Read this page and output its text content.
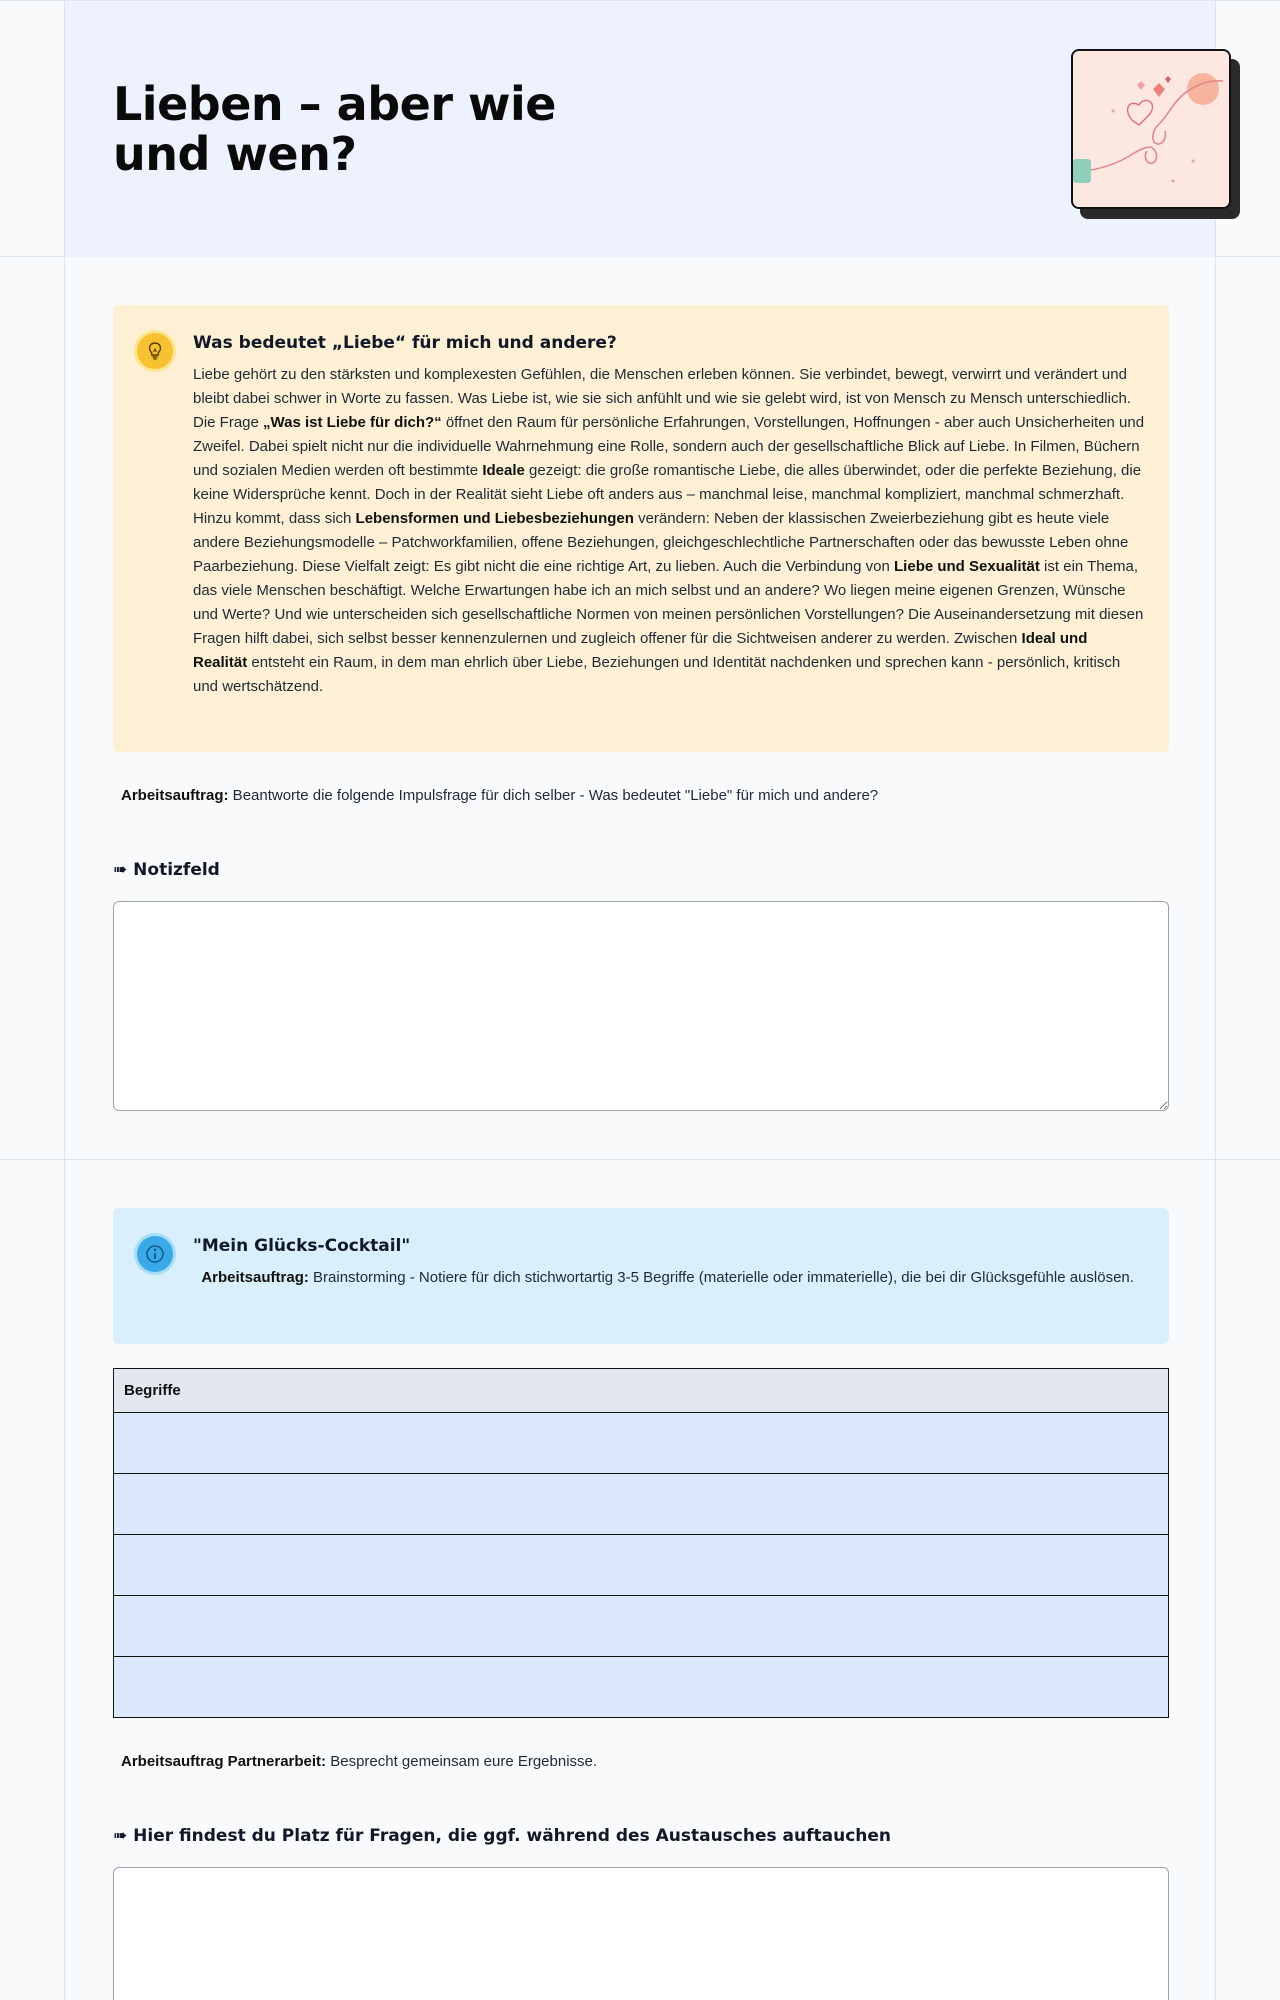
Lieben – aber wie und wen?
Was bedeutet „Liebe“ für mich und andere?
Liebe gehört zu den stärksten und komplexesten Gefühlen, die Menschen erleben können. Sie verbindet, bewegt, verwirrt und verändert und bleibt dabei schwer in Worte zu fassen. Was Liebe ist, wie sie sich anfühlt und wie sie gelebt wird, ist von Mensch zu Mensch unterschiedlich. Die Frage „Was ist Liebe für dich?“ öffnet den Raum für persönliche Erfahrungen, Vorstellungen, Hoffnungen - aber auch Unsicherheiten und Zweifel. Dabei spielt nicht nur die individuelle Wahrnehmung eine Rolle, sondern auch der gesellschaftliche Blick auf Liebe. In Filmen, Büchern und sozialen Medien werden oft bestimmte Ideale gezeigt: die große romantische Liebe, die alles überwindet, oder die perfekte Beziehung, die keine Widersprüche kennt. Doch in der Realität sieht Liebe oft anders aus – manchmal leise, manchmal kompliziert, manchmal schmerzhaft. Hinzu kommt, dass sich Lebensformen und Liebesbeziehungen verändern: Neben der klassischen Zweierbeziehung gibt es heute viele andere Beziehungsmodelle – Patchworkfamilien, offene Beziehungen, gleichgeschlechtliche Partnerschaften oder das bewusste Leben ohne Paarbeziehung. Diese Vielfalt zeigt: Es gibt nicht die eine richtige Art, zu lieben. Auch die Verbindung von Liebe und Sexualität ist ein Thema, das viele Menschen beschäftigt. Welche Erwartungen habe ich an mich selbst und an andere? Wo liegen meine eigenen Grenzen, Wünsche und Werte? Und wie unterscheiden sich gesellschaftliche Normen von meinen persönlichen Vorstellungen? Die Auseinandersetzung mit diesen Fragen hilft dabei, sich selbst besser kennenzulernen und zugleich offener für die Sichtweisen anderer zu werden. Zwischen Ideal und Realität entsteht ein Raum, in dem man ehrlich über Liebe, Beziehungen und Identität nachdenken und sprechen kann - persönlich, kritisch und wertschätzend.
Arbeitsauftrag: Beantworte die folgende Impulsfrage für dich selber - Was bedeutet "Liebe" für mich und andere?
➠ Notizfeld
"Mein Glücks-Cocktail"
Arbeitsauftrag: Brainstorming - Notiere für dich stichwortartig 3-5 Begriffe (materielle oder immaterielle), die bei dir Glücksgefühle auslösen.
Begriffe

Arbeitsauftrag Partnerarbeit: Besprecht gemeinsam eure Ergebnisse.
➠ Hier findest du Platz für Fragen, die ggf. während des Austausches auftauchen
